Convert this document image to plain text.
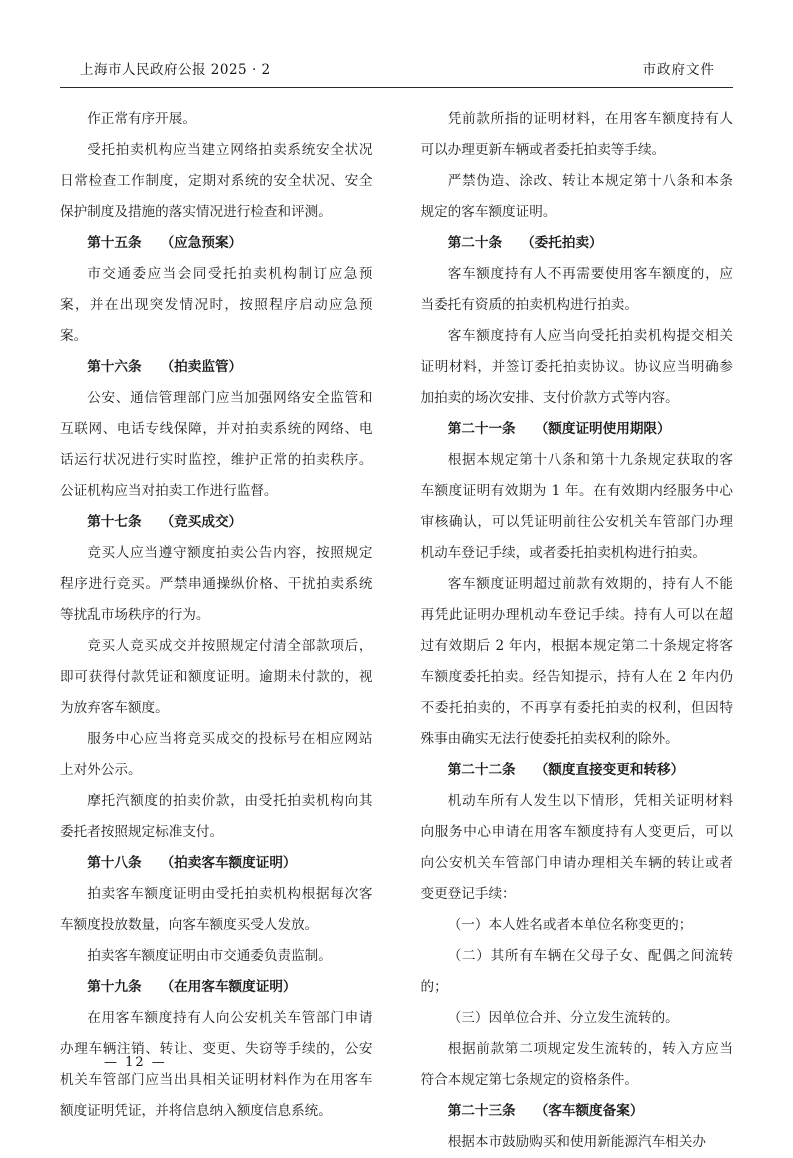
上海市人民政府公报 2025 · 2	市政府文件

作正常有序开展。

受托拍卖机构应当建立网络拍卖系统安全状况日常检查工作制度，定期对系统的安全状况、安全保护制度及措施的落实情况进行检查和评测。

第十五条 （应急预案）

市交通委应当会同受托拍卖机构制订应急预案，并在出现突发情况时，按照程序启动应急预案。

第十六条 （拍卖监管）

公安、通信管理部门应当加强网络安全监管和互联网、电话专线保障，并对拍卖系统的网络、电话运行状况进行实时监控，维护正常的拍卖秩序。公证机构应当对拍卖工作进行监督。

第十七条 （竞买成交）

竞买人应当遵守额度拍卖公告内容，按照规定程序进行竞买。严禁串通操纵价格、干扰拍卖系统等扰乱市场秩序的行为。

竞买人竞买成交并按照规定付清全部款项后，即可获得付款凭证和额度证明。逾期未付款的，视为放弃客车额度。

服务中心应当将竞买成交的投标号在相应网站上对外公示。

摩托汽额度的拍卖价款，由受托拍卖机构向其委托者按照规定标准支付。

第十八条 （拍卖客车额度证明）

拍卖客车额度证明由受托拍卖机构根据每次客车额度投放数量，向客车额度买受人发放。

拍卖客车额度证明由市交通委负责监制。

第十九条 （在用客车额度证明）

在用客车额度持有人向公安机关车管部门申请办理车辆注销、转让、变更、失窃等手续的，公安机关车管部门应当出具相关证明材料作为在用客车额度证明凭证，并将信息纳入额度信息系统。

凭前款所指的证明材料，在用客车额度持有人可以办理更新车辆或者委托拍卖等手续。

严禁伪造、涂改、转让本规定第十八条和本条规定的客车额度证明。

第二十条 （委托拍卖）

客车额度持有人不再需要使用客车额度的，应当委托有资质的拍卖机构进行拍卖。

客车额度持有人应当向受托拍卖机构提交相关证明材料，并签订委托拍卖协议。协议应当明确参加拍卖的场次安排、支付价款方式等内容。

第二十一条 （额度证明使用期限）

根据本规定第十八条和第十九条规定获取的客车额度证明有效期为 1 年。在有效期内经服务中心审核确认，可以凭证明前往公安机关车管部门办理机动车登记手续，或者委托拍卖机构进行拍卖。

客车额度证明超过前款有效期的，持有人不能再凭此证明办理机动车登记手续。持有人可以在超过有效期后 2 年内，根据本规定第二十条规定将客车额度委托拍卖。经告知提示，持有人在 2 年内仍不委托拍卖的，不再享有委托拍卖的权利，但因特殊事由确实无法行使委托拍卖权利的除外。

第二十二条 （额度直接变更和转移）

机动车所有人发生以下情形，凭相关证明材料向服务中心申请在用客车额度持有人变更后，可以向公安机关车管部门申请办理相关车辆的转让或者变更登记手续：

（一）本人姓名或者本单位名称变更的；

（二）其所有车辆在父母子女、配偶之间流转的；

（三）因单位合并、分立发生流转的。

根据前款第二项规定发生流转的，转入方应当符合本规定第七条规定的资格条件。

第二十三条 （客车额度备案）

根据本市鼓励购买和使用新能源汽车相关办

— 12 —
